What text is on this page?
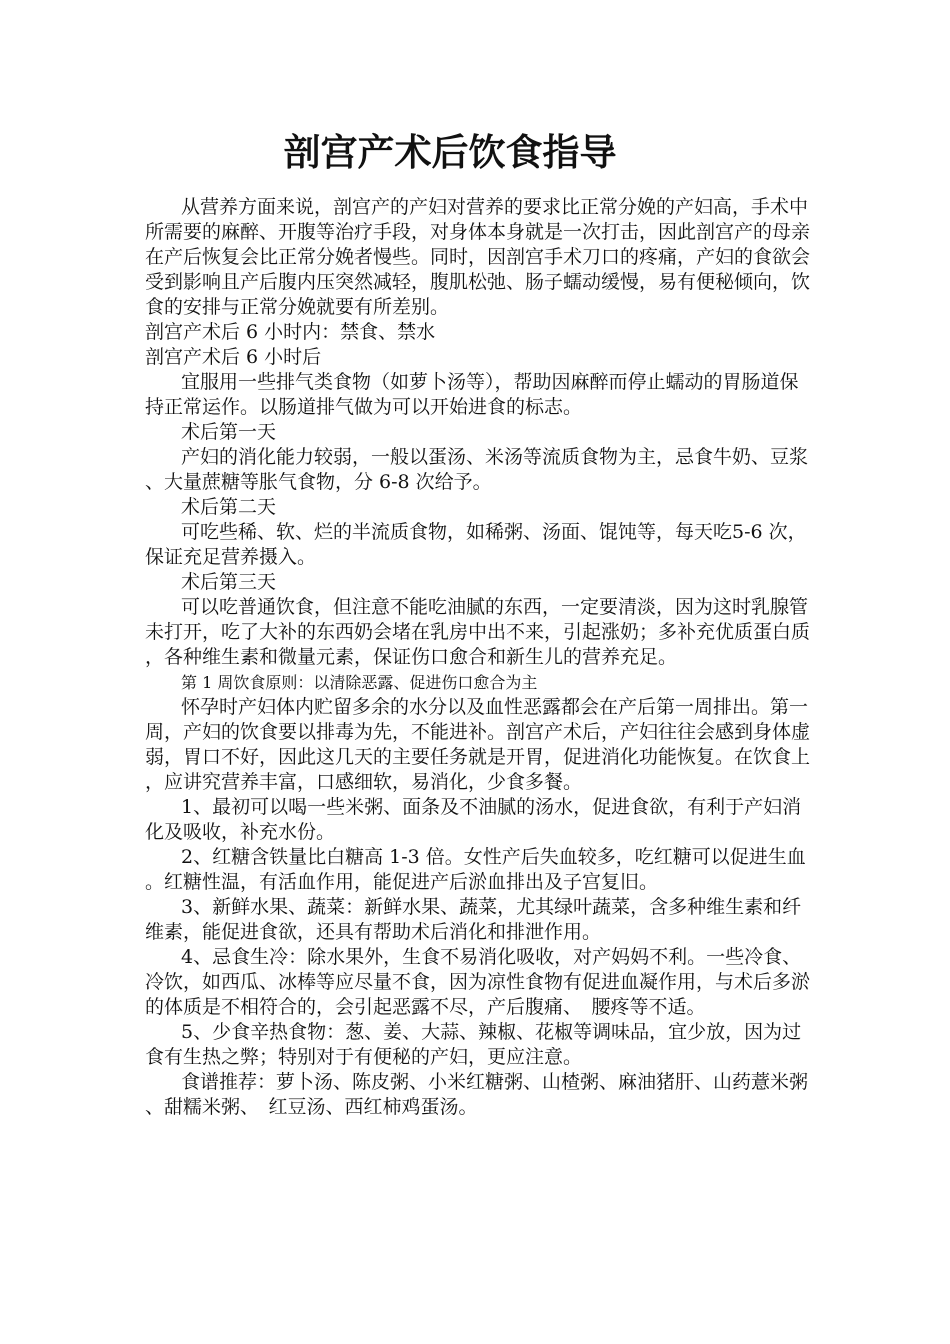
剖宫产术后饮食指导

从营养方面来说，剖宫产的产妇对营养的要求比正常分娩的产妇高，手术中所需要的麻醉、开腹等治疗手段，对身体本身就是一次打击，因此剖宫产的母亲在产后恢复会比正常分娩者慢些。同时，因剖宫手术刀口的疼痛，产妇的食欲会受到影响且产后腹内压突然减轻，腹肌松弛、肠子蠕动缓慢，易有便秘倾向，饮食的安排与正常分娩就要有所差别。

剖宫产术后 6 小时内：禁食、禁水

剖宫产术后 6 小时后

宜服用一些排气类食物（如萝卜汤等），帮助因麻醉而停止蠕动的胃肠道保持正常运作。以肠道排气做为可以开始进食的标志。

术后第一天

产妇的消化能力较弱，一般以蛋汤、米汤等流质食物为主，忌食牛奶、豆浆、大量蔗糖等胀气食物，分 6-8 次给予。

术后第二天

可吃些稀、软、烂的半流质食物，如稀粥、汤面、馄饨等，每天吃5-6 次，保证充足营养摄入。

术后第三天

可以吃普通饮食，但注意不能吃油腻的东西，一定要清淡，因为这时乳腺管未打开，吃了大补的东西奶会堵在乳房中出不来，引起涨奶；多补充优质蛋白质，各种维生素和微量元素，保证伤口愈合和新生儿的营养充足。

第 1 周饮食原则：以清除恶露、促进伤口愈合为主

怀孕时产妇体内贮留多余的水分以及血性恶露都会在产后第一周排出。第一周，产妇的饮食要以排毒为先，不能进补。剖宫产术后，产妇往往会感到身体虚弱，胃口不好，因此这几天的主要任务就是开胃，促进消化功能恢复。在饮食上，应讲究营养丰富，口感细软，易消化，少食多餐。

1、最初可以喝一些米粥、面条及不油腻的汤水，促进食欲，有利于产妇消化及吸收，补充水份。

2、红糖含铁量比白糖高 1-3 倍。女性产后失血较多，吃红糖可以促进生血。红糖性温，有活血作用，能促进产后淤血排出及子宫复旧。

3、新鲜水果、蔬菜：新鲜水果、蔬菜，尤其绿叶蔬菜，含多种维生素和纤维素，能促进食欲，还具有帮助术后消化和排泄作用。

4、忌食生冷：除水果外，生食不易消化吸收，对产妈妈不利。一些冷食、冷饮，如西瓜、冰棒等应尽量不食，因为凉性食物有促进血凝作用，与术后多淤的体质是不相符合的，会引起恶露不尽，产后腹痛、　腰疼等不适。

5、少食辛热食物：葱、姜、大蒜、辣椒、花椒等调味品，宜少放，因为过食有生热之弊；特别对于有便秘的产妇，更应注意。

食谱推荐：萝卜汤、陈皮粥、小米红糖粥、山楂粥、麻油猪肝、山药薏米粥、甜糯米粥、　红豆汤、西红柿鸡蛋汤。
